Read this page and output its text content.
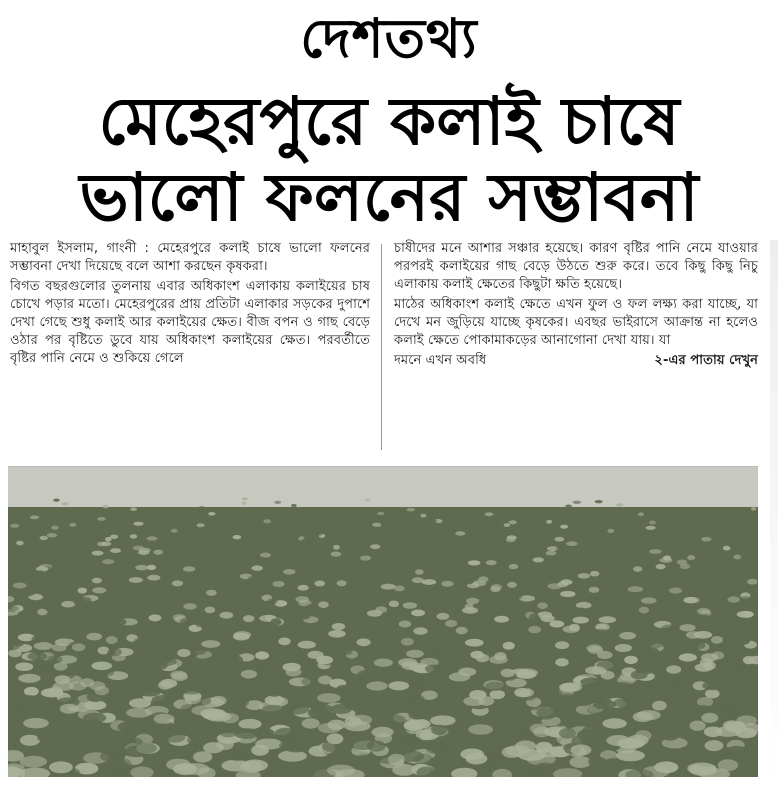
দেশতথ্য
মেহেরপুরে কলাই চাষে
ভালো ফলনের সম্ভাবনা

মাহাবুল ইসলাম, গাংনী : মেহেরপুরে কলাই চাষে ভালো ফলনের সম্ভাবনা দেখা দিয়েছে বলে আশা করছেন কৃষকরা।

বিগত বছরগুলোর তুলনায় এবার অধিকাংশ এলাকায় কলাইয়ের চাষ চোখে পড়ার মতো। মেহেরপুরের প্রায় প্রতিটা এলাকার সড়কের দুপাশে দেখা গেছে শুধু কলাই আর কলাইয়ের ক্ষেত। বীজ বপন ও গাছ বেড়ে ওঠার পর বৃষ্টিতে ডুবে যায় অধিকাংশ কলাইয়ের ক্ষেত। পরবর্তীতে বৃষ্টির পানি নেমে ও শুকিয়ে গেলে

চাষীদের মনে আশার সঞ্চার হয়েছে। কারণ বৃষ্টির পানি নেমে যাওয়ার পরপরই কলাইয়ের গাছ বেড়ে উঠতে শুরু করে। তবে কিছু কিছু নিচু এলাকায় কলাই ক্ষেতের কিছুটা ক্ষতি হয়েছে।

মাঠের অধিকাংশ কলাই ক্ষেতে এখন ফুল ও ফল লক্ষ্য করা যাচ্ছে, যা দেখে মন জুড়িয়ে যাচ্ছে কৃষকের। এবছর ভাইরাসে আক্রান্ত না হলেও কলাই ক্ষেতে পোকামাকড়ের আনাগোনা দেখা যায়। যা

দমনে এখন অবধি	২-এর পাতায় দেখুন
